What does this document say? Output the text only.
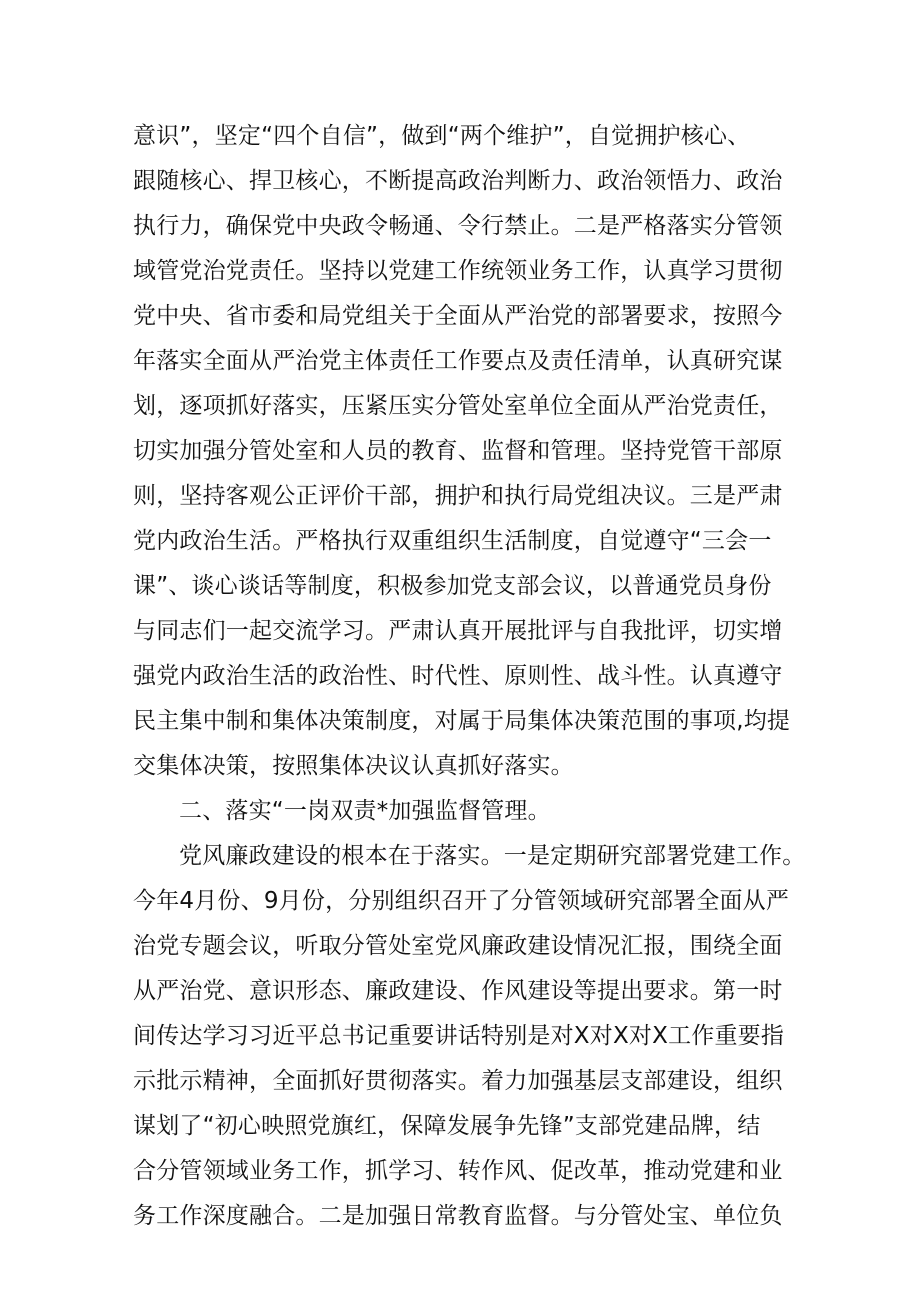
意识”，坚定“四个自信”，做到“两个维护”，自觉拥护核心、
跟随核心、捍卫核心，不断提高政治判断力、政治领悟力、政治
执行力，确保党中央政令畅通、令行禁止。二是严格落实分管领
域管党治党责任。坚持以党建工作统领业务工作，认真学习贯彻
党中央、省市委和局党组关于全面从严治党的部署要求，按照今
年落实全面从严治党主体责任工作要点及责任清单，认真研究谋
划，逐项抓好落实，压紧压实分管处室单位全面从严治党责任，
切实加强分管处室和人员的教育、监督和管理。坚持党管干部原
则，坚持客观公正评价干部，拥护和执行局党组决议。三是严肃
党内政治生活。严格执行双重组织生活制度，自觉遵守“三会一
课”、谈心谈话等制度，积极参加党支部会议，以普通党员身份
与同志们一起交流学习。严肃认真开展批评与自我批评，切实增
强党内政治生活的政治性、时代性、原则性、战斗性。认真遵守
民主集中制和集体决策制度，对属于局集体决策范围的事项,均提
交集体决策，按照集体决议认真抓好落实。
二、落实“一岗双责*加强监督管理。
党风廉政建设的根本在于落实。一是定期研究部署党建工作。
今年4月份、9月份，分别组织召开了分管领域研究部署全面从严
治党专题会议，听取分管处室党风廉政建设情况汇报，围绕全面
从严治党、意识形态、廉政建设、作风建设等提出要求。第一时
间传达学习习近平总书记重要讲话特别是对X对X对X工作重要指
示批示精神，全面抓好贯彻落实。着力加强基层支部建设，组织
谋划了“初心映照党旗红，保障发展争先锋”支部党建品牌，结
合分管领域业务工作，抓学习、转作风、促改革，推动党建和业
务工作深度融合。二是加强日常教育监督。与分管处宝、单位负
